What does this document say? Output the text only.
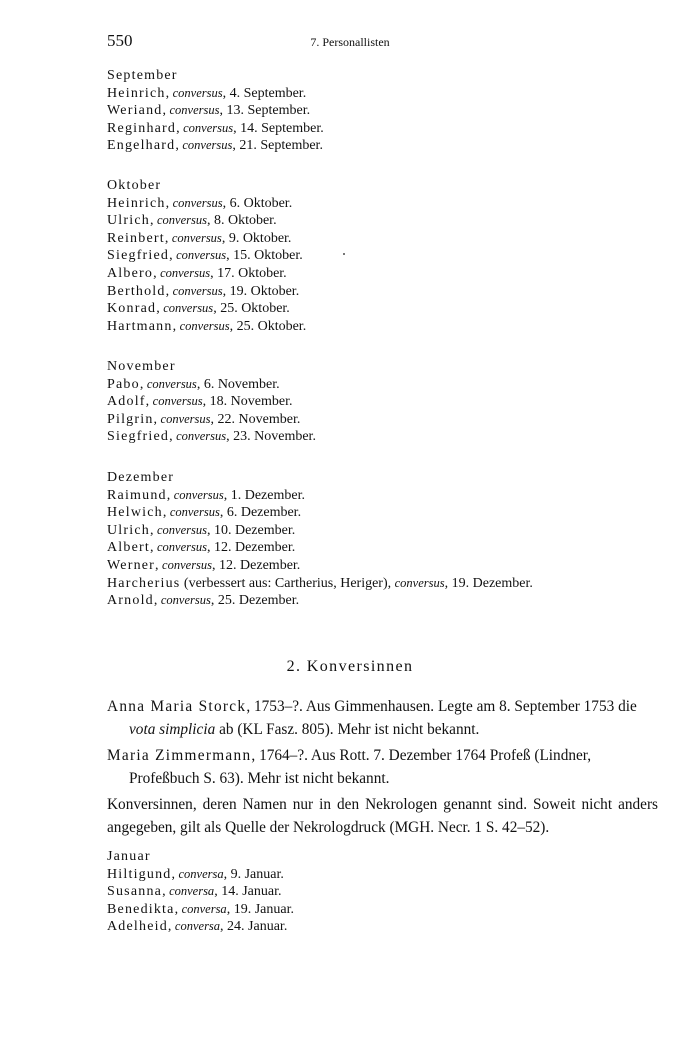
550	7. Personallisten
September
Heinrich, conversus, 4. September.
Weriand, conversus, 13. September.
Reginhard, conversus, 14. September.
Engelhard, conversus, 21. September.
Oktober
Heinrich, conversus, 6. Oktober.
Ulrich, conversus, 8. Oktober.
Reinbert, conversus, 9. Oktober.
Siegfried, conversus, 15. Oktober.
Albero, conversus, 17. Oktober.
Berthold, conversus, 19. Oktober.
Konrad, conversus, 25. Oktober.
Hartmann, conversus, 25. Oktober.
November
Pabo, conversus, 6. November.
Adolf, conversus, 18. November.
Pilgrin, conversus, 22. November.
Siegfried, conversus, 23. November.
Dezember
Raimund, conversus, 1. Dezember.
Helwich, conversus, 6. Dezember.
Ulrich, conversus, 10. Dezember.
Albert, conversus, 12. Dezember.
Werner, conversus, 12. Dezember.
Harcherius (verbessert aus: Cartherius, Heriger), conversus, 19. Dezember.
Arnold, conversus, 25. Dezember.
2. Konversinnen
Anna Maria Storck, 1753–?. Aus Gimmenhausen. Legte am 8. September 1753 die vota simplicia ab (KL Fasz. 805). Mehr ist nicht bekannt.
Maria Zimmermann, 1764–?. Aus Rott. 7. Dezember 1764 Profeß (Lindner, Profeßbuch S. 63). Mehr ist nicht bekannt.
Konversinnen, deren Namen nur in den Nekrologen genannt sind. Soweit nicht anders angegeben, gilt als Quelle der Nekrologdruck (MGH. Necr. 1 S. 42–52).
Januar
Hiltigund, conversa, 9. Januar.
Susanna, conversa, 14. Januar.
Benedikta, conversa, 19. Januar.
Adelheid, conversa, 24. Januar.
